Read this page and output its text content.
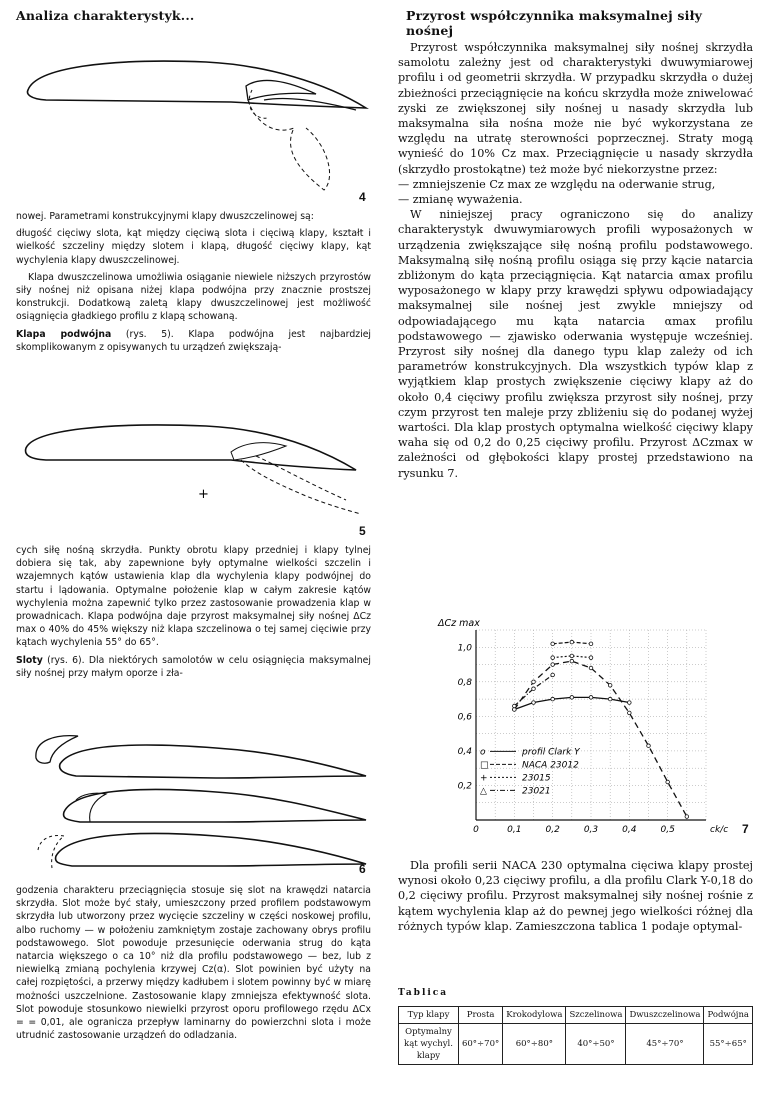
Analiza charakterystyk...
4

nowej. Parametrami konstrukcyjnymi klapy dwuszczelinowej są:

długość cięciwy slota, kąt między cięciwą slota i cięciwą klapy, kształt i wielkość szczeliny między slotem i klapą, długość cięciwy klapy, kąt wychylenia klapy dwuszczelinowej.

Klapa dwuszczelinowa umożliwia osiąganie niewiele niższych przyrostów siły nośnej niż opisana niżej klapa podwójna przy znacznie prostszej konstrukcji. Dodatkową zaletą klapy dwuszczelinowej jest możliwość osiągnięcia gładkiego profilu z klapą schowaną.

Klapa podwójna (rys. 5). Klapa podwójna jest najbardziej skomplikowanym z opisywanych tu urządzeń zwiększają-

+
5

cych siłę nośną skrzydła. Punkty obrotu klapy przedniej i klapy tylnej dobiera się tak, aby zapewnione były optymalne wielkości szczelin i wzajemnych kątów ustawienia klap dla wychylenia klapy podwójnej do startu i lądowania. Optymalne położenie klap w całym zakresie kątów wychylenia można zapewnić tylko przez zastosowanie prowadzenia klap w prowadnicach. Klapa podwójna daje przyrost maksymalnej siły nośnej ΔCz max o 40% do 45% większy niż klapa szczelinowa o tej samej cięciwie przy kątach wychylenia 55° do 65°.

Sloty (rys. 6). Dla niektórych samolotów w celu osiągnięcia maksymalnej siły nośnej przy małym oporze i zła-

6

godzenia charakteru przeciągnięcia stosuje się slot na krawędzi natarcia skrzydła. Slot może być stały, umieszczony przed profilem podstawowym skrzydła lub utworzony przez wycięcie szczeliny w części noskowej profilu, albo ruchomy — w położeniu zamkniętym zostaje zachowany obrys profilu podstawowego. Slot powoduje przesunięcie oderwania strug do kąta natarcia większego o ca 10° niż dla profilu podstawowego — bez, lub z niewielką zmianą pochylenia krzywej Cz(α). Slot powinien być użyty na całej rozpiętości, a przerwy między kadłubem i slotem powinny być w miarę możności uszczelnione. Zastosowanie klapy zmniejsza efektywność slota. Slot powoduje stosunkowo niewielki przyrost oporu profilowego rzędu ΔCx = = 0,01, ale ogranicza przepływ laminarny do powierzchni slota i może utrudnić zastosowanie urządzeń do odladzania.

Przyrost współczynnika maksymalnej siły nośnej

Przyrost współczynnika maksymalnej siły nośnej skrzydła samolotu zależny jest od charakterystyki dwuwymiarowej profilu i od geometrii skrzydła. W przypadku skrzydła o dużej zbieżności przeciągnięcie na końcu skrzydła może zniwelować zyski ze zwiększonej siły nośnej u nasady skrzydła lub maksymalna siła nośna może nie być wykorzystana ze względu na utratę sterowności poprzecznej. Straty mogą wynieść do 10% Cz max. Przeciągnięcie u nasady skrzydła (skrzydło prostokątne) też może być niekorzystne przez:

— zmniejszenie Cz max ze względu na oderwanie strug,

— zmianę wyważenia.

W niniejszej pracy ograniczono się do analizy charakterystyk dwuwymiarowych profili wyposażonych w urządzenia zwiększające siłę nośną profilu podstawowego. Maksymalną siłę nośną profilu osiąga się przy kącie natarcia zbliżonym do kąta przeciągnięcia. Kąt natarcia αmax profilu wyposażonego w klapy przy krawędzi spływu odpowiadający maksymalnej sile nośnej jest zwykle mniejszy od odpowiadającego mu kąta natarcia αmax profilu podstawowego — zjawisko oderwania występuje wcześniej. Przyrost siły nośnej dla danego typu klap zależy od ich parametrów konstrukcyjnych. Dla wszystkich typów klap z wyjątkiem klap prostych zwiększenie cięciwy klapy aż do około 0,4 cięciwy profilu zwiększa przyrost siły nośnej, przy czym przyrost ten maleje przy zbliżeniu się do podanej wyżej wartości. Dla klap prostych optymalna wielkość cięciwy klapy waha się od 0,2 do 0,25 cięciwy profilu. Przyrost ΔCzmax w zależności od głębokości klapy prostej przedstawiono na rysunku 7.

0	0,1	0,2	0,3	0,4	0,5
0,2
0,4
0,6
0,8
1,0
ΔCz max
ck/c
o	profil Clark Y
□	NACA 23012
+	23015
△	23021
7

Dla profili serii NACA 230 optymalna cięciwa klapy prostej wynosi około 0,23 cięciwy profilu, a dla profilu Clark Y-0,18 do 0,2 cięciwy profilu. Przyrost maksymalnej siły nośnej rośnie z kątem wychylenia klap aż do pewnej jego wielkości różnej dla różnych typów klap. Zamieszczona tablica 1 podaje optymal-

Tablica
Typ klapy	Prosta	Krokodylowa	Szczelinowa	Dwuszczelinowa	Podwójna
Optymalny kąt wychyl. klapy	60°÷70°	60°÷80°	40°÷50°	45°÷70°	55°÷65°
